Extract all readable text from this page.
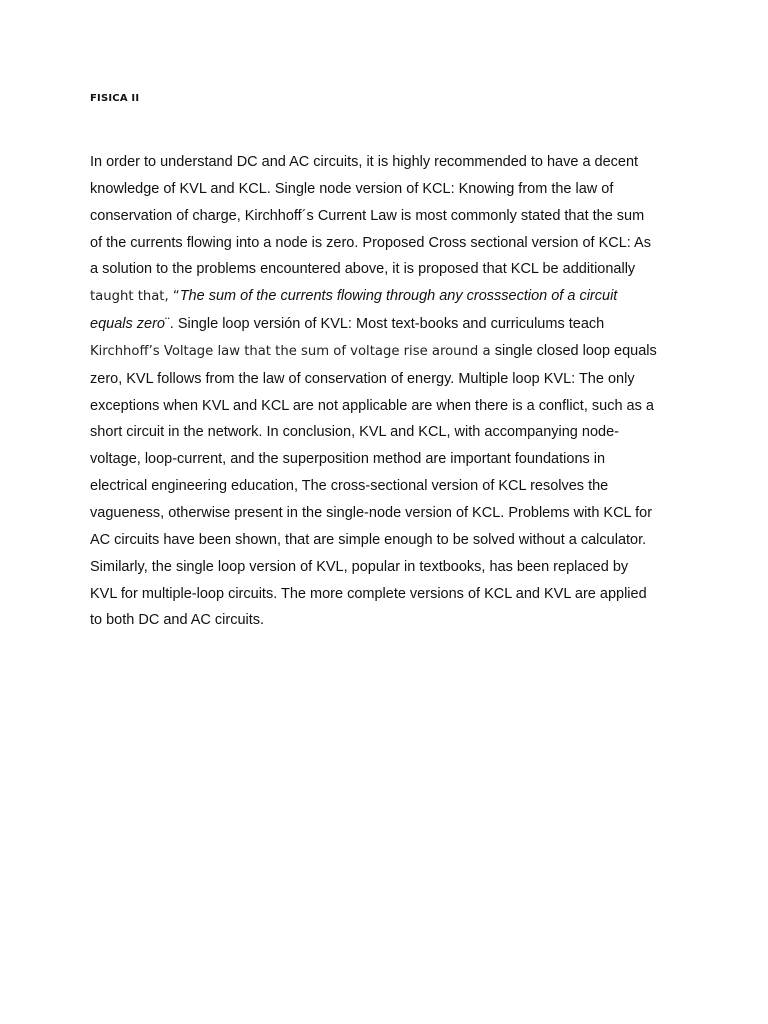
FISICA II
In order to understand DC and AC circuits, it is highly recommended to have a decent
knowledge of KVL and KCL. Single node version of KCL: Knowing from the law of
conservation of charge, Kirchhoff´s Current Law is most commonly stated that the sum
of the currents flowing into a node is zero. Proposed Cross sectional version of KCL: As
a solution to the problems encountered above, it is proposed that KCL be additionally
taught that, “The sum of the currents flowing through any crosssection of a circuit
equals zero¨. Single loop versión of KVL: Most text-books and curriculums teach
Kirchhoff’s Voltage law that the sum of voltage rise around a single closed loop equals
zero, KVL follows from the law of conservation of energy. Multiple loop KVL: The only
exceptions when KVL and KCL are not applicable are when there is a conflict, such as a
short circuit in the network. In conclusion, KVL and KCL, with accompanying node-
voltage, loop-current, and the superposition method are important foundations in
electrical engineering education, The cross-sectional version of KCL resolves the
vagueness, otherwise present in the single-node version of KCL. Problems with KCL for
AC circuits have been shown, that are simple enough to be solved without a calculator.
Similarly, the single loop version of KVL, popular in textbooks, has been replaced by
KVL for multiple-loop circuits. The more complete versions of KCL and KVL are applied
to both DC and AC circuits.
